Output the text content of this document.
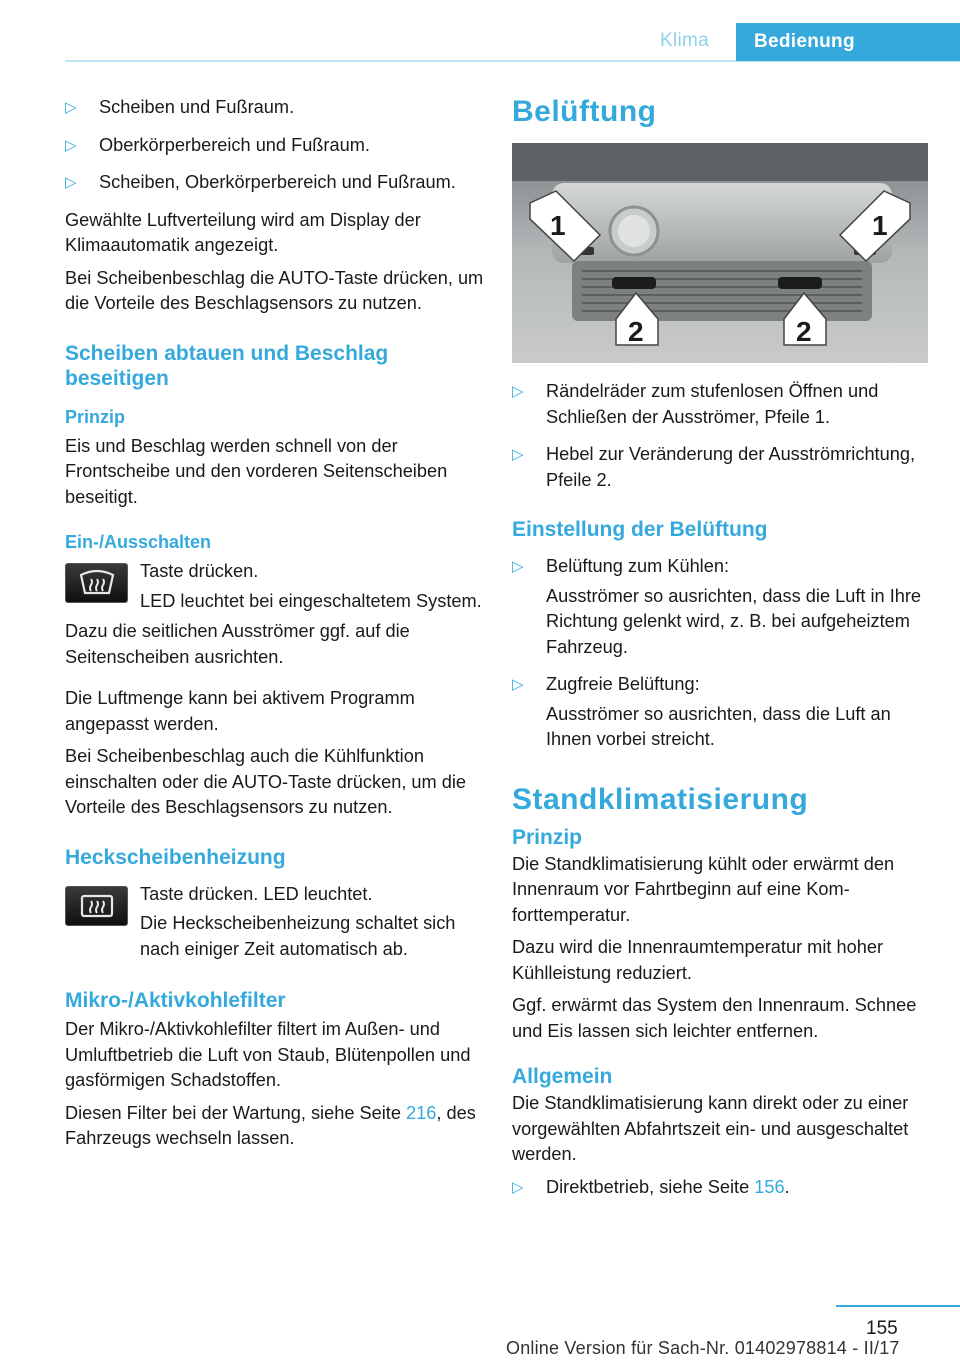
Klima	Bedienung
▷ Scheiben und Fußraum.
▷ Oberkörperbereich und Fußraum.
▷ Scheiben, Oberkörperbereich und Fußraum.

Gewählte Luftverteilung wird am Display der Klimaautomatik angezeigt.

Bei Scheibenbeschlag die AUTO-Taste drücken, um die Vorteile des Beschlagsensors zu nutzen.

Scheiben abtauen und Beschlag beseitigen
Prinzip

Eis und Beschlag werden schnell von der Frontscheibe und den vorderen Seitenscheiben beseitigt.

Ein-/Ausschalten

Taste drücken.

LED leuchtet bei eingeschaltetem System.

Dazu die seitlichen Ausströmer ggf. auf die Seitenscheiben ausrichten.

Die Luftmenge kann bei aktivem Programm angepasst werden.

Bei Scheibenbeschlag auch die Kühlfunktion einschalten oder die AUTO-Taste drücken, um die Vorteile des Beschlagsensors zu nutzen.

Heckscheibenheizung

Taste drücken. LED leuchtet.

Die Heckscheibenheizung schaltet sich nach einiger Zeit automatisch ab.

Mikro-/Aktivkohlefilter

Der Mikro-/Aktivkohlefilter filtert im Außen- und Umluftbetrieb die Luft von Staub, Blütenpollen und gasförmigen Schadstoffen.

Diesen Filter bei der Wartung, siehe Seite 216, des Fahrzeugs wechseln lassen.

Belüftung
1	1
2	2
▷ Rändelräder zum stufenlosen Öffnen und Schließen der Ausströmer, Pfeile 1.
▷ Hebel zur Veränderung der Ausströmrichtung, Pfeile 2.
Einstellung der Belüftung
▷ Belüftung zum Kühlen:
Ausströmer so ausrichten, dass die Luft in Ihre Richtung gelenkt wird, z. B. bei aufgeheiztem Fahrzeug.
▷ Zugfreie Belüftung:
Ausströmer so ausrichten, dass die Luft an Ihnen vorbei streicht.
Standklimatisierung
Prinzip

Die Standklimatisierung kühlt oder erwärmt den Innenraum vor Fahrtbeginn auf eine Komforttemperatur.

Dazu wird die Innenraumtemperatur mit hoher Kühlleistung reduziert.

Ggf. erwärmt das System den Innenraum. Schnee und Eis lassen sich leichter entfernen.

Allgemein

Die Standklimatisierung kann direkt oder zu einer vorgewählten Abfahrtszeit ein- und ausgeschaltet werden.

▷ Direktbetrieb, siehe Seite 156.
155
Online Version für Sach-Nr. 01402978814 - II/17
